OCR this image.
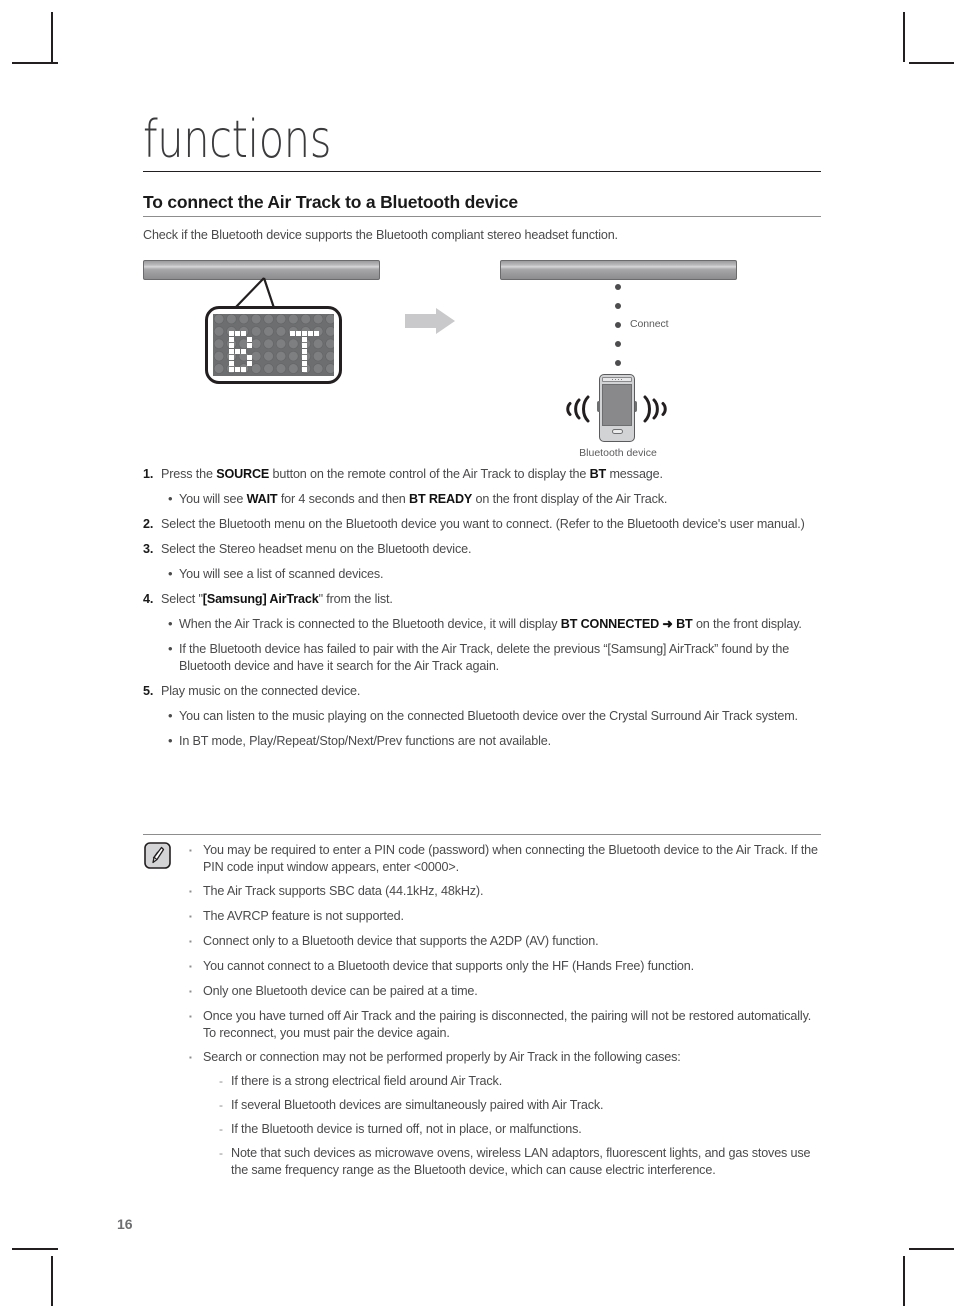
functions
To connect the Air Track to a Bluetooth device
Check if the Bluetooth device supports the Bluetooth compliant stereo headset function.
Connect
Bluetooth device
1. Press the SOURCE button on the remote control of the Air Track to display the BT message.
• You will see WAIT for 4 seconds and then BT READY on the front display of the Air Track.
2. Select the Bluetooth menu on the Bluetooth device you want to connect. (Refer to the Bluetooth device's user manual.)
3. Select the Stereo headset menu on the Bluetooth device.
• You will see a list of scanned devices.
4. Select "[Samsung] AirTrack" from the list.
• When the Air Track is connected to the Bluetooth device, it will display BT CONNECTED ➜ BT on the front display.
• If the Bluetooth device has failed to pair with the Air Track, delete the previous “[Samsung] AirTrack” found by the Bluetooth device and have it search for the Air Track again.
5. Play music on the connected device.
• You can listen to the music playing on the connected Bluetooth device over the Crystal Surround Air Track system.
• In BT mode, Play/Repeat/Stop/Next/Prev functions are not available.
▪ You may be required to enter a PIN code (password) when connecting the Bluetooth device to the Air Track. If the PIN code input window appears, enter <0000>.
▪ The Air Track supports SBC data (44.1kHz, 48kHz).
▪ The AVRCP feature is not supported.
▪ Connect only to a Bluetooth device that supports the A2DP (AV) function.
▪ You cannot connect to a Bluetooth device that supports only the HF (Hands Free) function.
▪ Only one Bluetooth device can be paired at a time.
▪ Once you have turned off Air Track and the pairing is disconnected, the pairing will not be restored automatically. To reconnect, you must pair the device again.
▪ Search or connection may not be performed properly by Air Track in the following cases:
- If there is a strong electrical field around Air Track.
- If several Bluetooth devices are simultaneously paired with Air Track.
- If the Bluetooth device is turned off, not in place, or malfunctions.
- Note that such devices as microwave ovens, wireless LAN adaptors, fluorescent lights, and gas stoves use the same frequency range as the Bluetooth device, which can cause electric interference.
16
